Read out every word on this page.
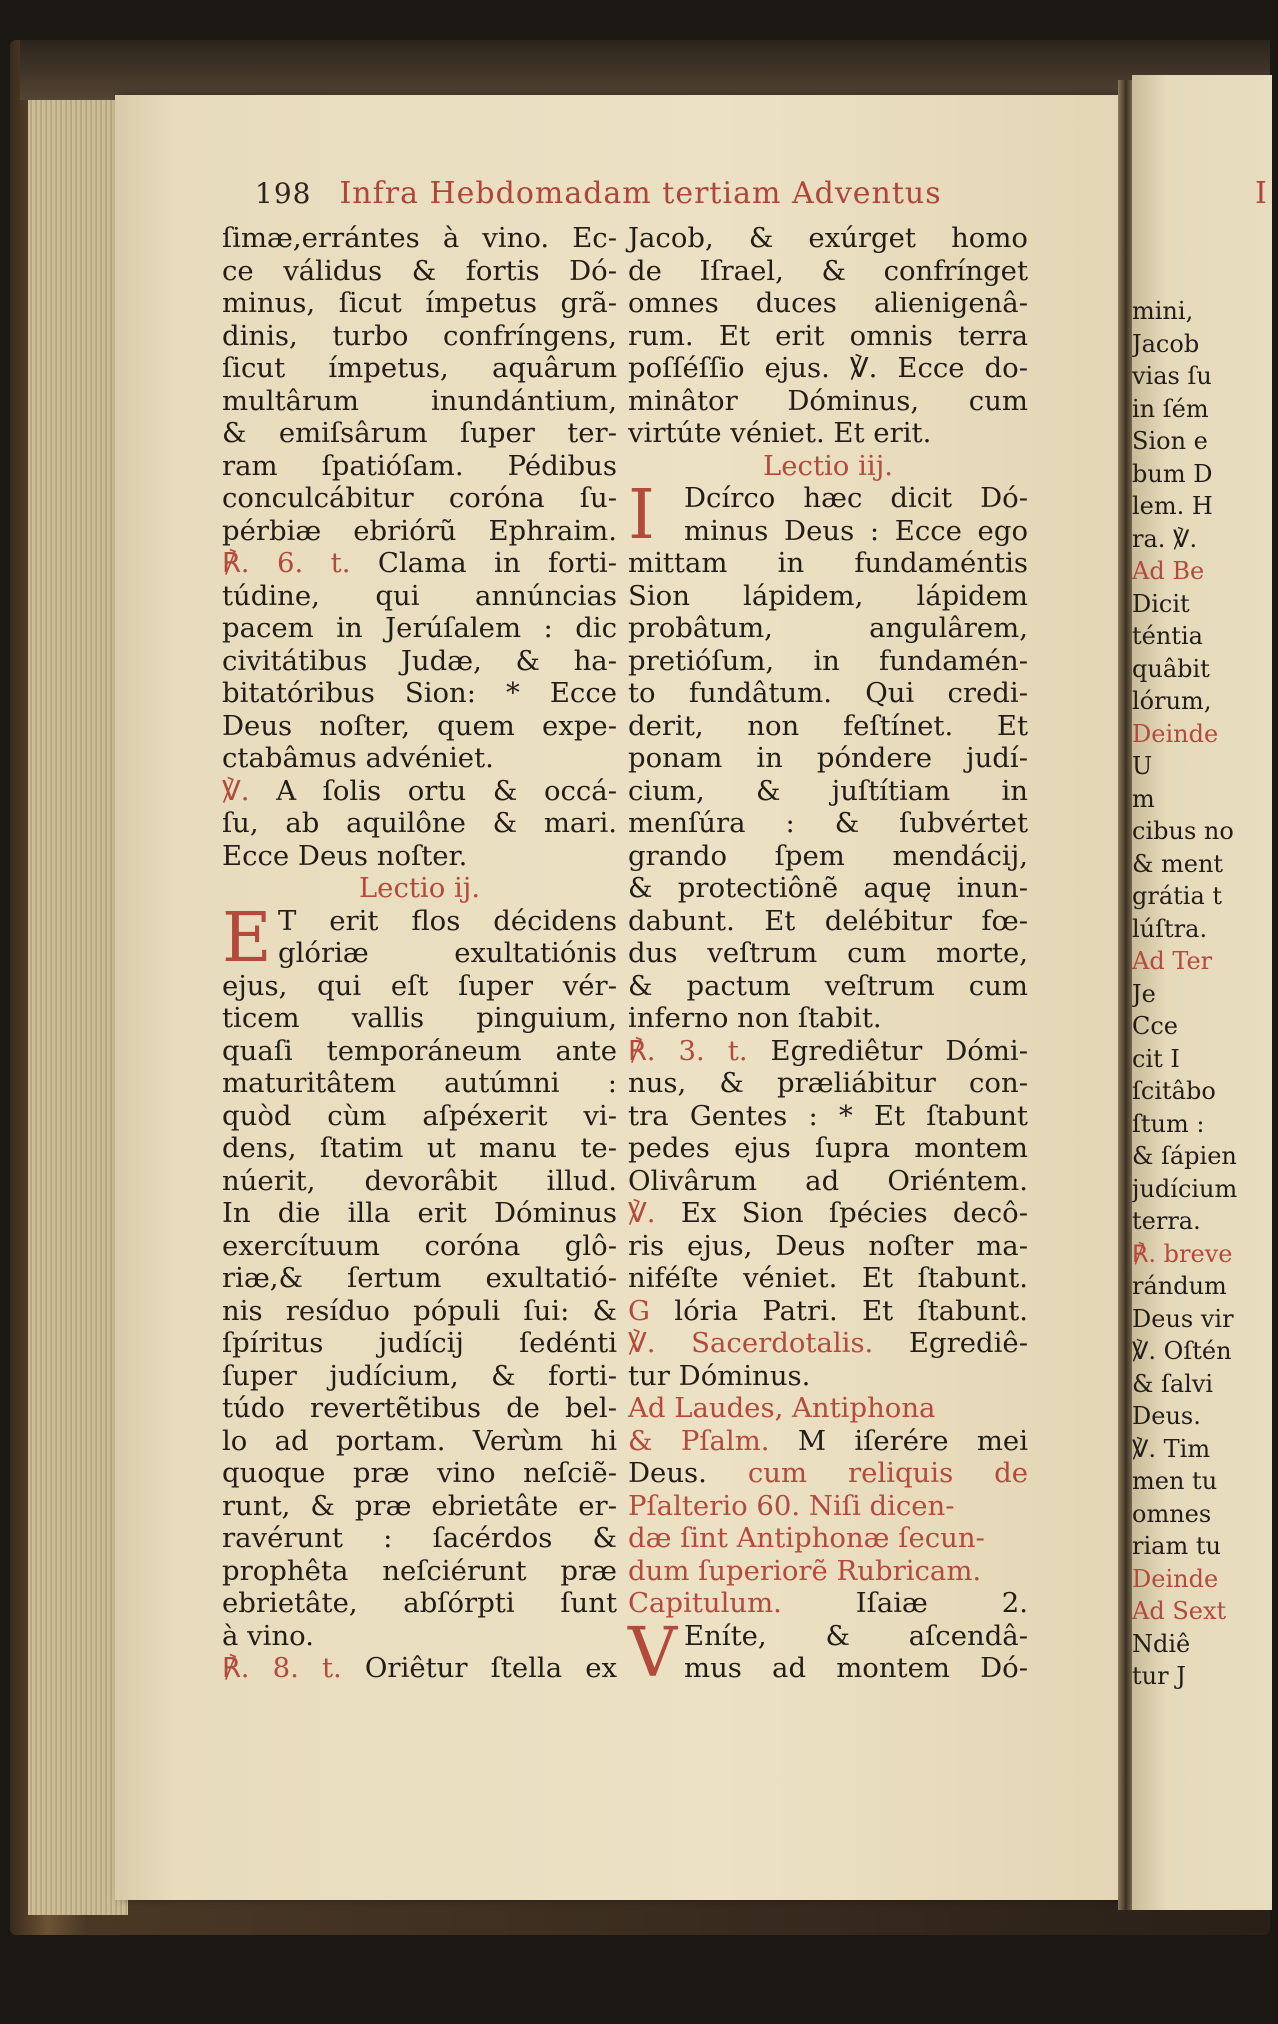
mini,
Jacob
vias ſu
in ſém
Sion e
bum D
lem. H
ra. ℣.
Ad Be
Dicit
téntia
quâbit
lórum,
Deinde
U
m
cibus no
& ment
grátia t
lúſtra.
Ad Ter
Je
Cce
cit I
ſcitâbo
ſtum :
& ſápien
judícium
terra.
℟. breve
rándum
Deus vir
℣. Oſtén
& ſalvi
Deus.
℣. Tim
men tu
omnes
riam tu
Deinde
Ad Sext
Ndiê
tur J
I
198 Infra Hebdomadam tertiam Adventus
ſimæ,errántes à vino. Ec-
ce válidus & fortis Dó-
minus, ſicut ímpetus grã-
dinis, turbo confríngens,
ſicut ímpetus, aquârum
multârum inundántium,
& emiſsârum ſuper ter-
ram ſpatióſam. Pédibus
conculcábitur coróna ſu-
pérbiæ ebriórũ Ephraim.
℟. 6. t. Clama in forti-
túdine, qui annúncias
pacem in Jerúſalem : dic
civitátibus Judæ, & ha-
bitatóribus Sion: * Ecce
Deus noſter, quem expe-
ctabâmus advéniet.
℣. A ſolis ortu & occá-
ſu, ab aquilône & mari.
Ecce Deus noſter.
Lectio ij.
E T erit flos décidens
glóriæ exultatiónis
ejus, qui eſt ſuper vér-
ticem vallis pinguium,
quaſi temporáneum ante
maturitâtem autúmni :
quòd cùm aſpéxerit vi-
dens, ſtatim ut manu te-
núerit, devorâbit illud.
In die illa erit Dóminus
exercítuum coróna glô-
riæ,& ſertum exultatió-
nis resíduo pópuli ſui: &
ſpíritus judícij ſedénti
ſuper judícium, & forti-
túdo revertẽtibus de bel-
lo ad portam. Verùm hi
quoque præ vino neſciẽ-
runt, & præ ebrietâte er-
ravérunt : ſacérdos &
prophêta neſciérunt præ
ebrietâte, abſórpti ſunt
à vino.
℟. 8. t. Oriêtur ſtella ex
Jacob, & exúrget homo
de Iſrael, & confrínget
omnes duces alienigenâ-
rum. Et erit omnis terra
poſſéſſio ejus. ℣. Ecce do-
minâtor Dóminus, cum
virtúte véniet. Et erit.
Lectio iij.
I Dcírco hæc dicit Dó-
minus Deus : Ecce ego
mittam in fundaméntis
Sion lápidem, lápidem
probâtum, angulârem,
pretióſum, in fundamén-
to fundâtum. Qui credi-
derit, non feſtínet. Et
ponam in póndere judí-
cium, & juſtítiam in
menſúra : & ſubvértet
grando ſpem mendácij,
& protectiônẽ aquę inun-
dabunt. Et delébitur fœ-
dus veſtrum cum morte,
& pactum veſtrum cum
inferno non ſtabit.
℟. 3. t. Egrediêtur Dómi-
nus, & præliábitur con-
tra Gentes : * Et ſtabunt
pedes ejus ſupra montem
Olivârum ad Oriéntem.
℣. Ex Sion ſpécies decô-
ris ejus, Deus noſter ma-
niféſte véniet. Et ſtabunt.
G lória Patri. Et ſtabunt.
℣. Sacerdotalis. Egrediê-
tur Dóminus.
Ad Laudes, Antiphona
& Pſalm. M iſerére mei
Deus. cum reliquis de
Pſalterio 60. Niſi dicen-
dæ ſint Antiphonæ ſecun-
dum ſuperiorẽ Rubricam.
Capitulum. Iſaiæ 2.
V Eníte, & aſcendâ-
mus ad montem Dó-
